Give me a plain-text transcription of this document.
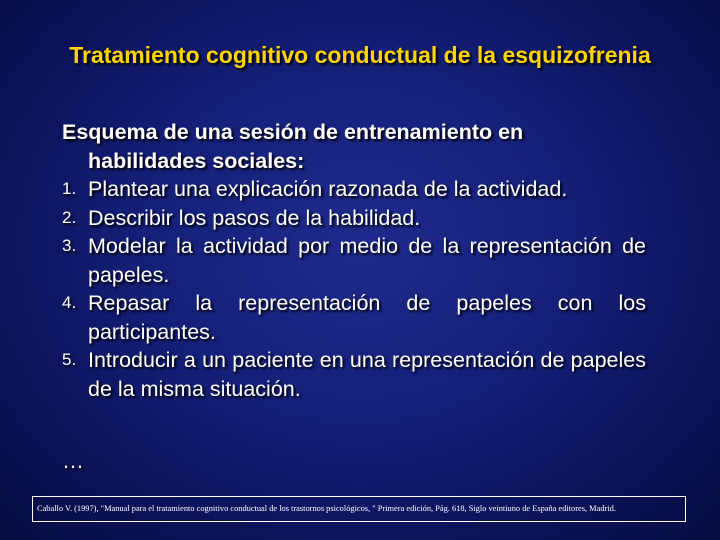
Tratamiento cognitivo conductual de la esquizofrenia
Esquema de una sesión de entrenamiento en
habilidades sociales:
1. Plantear una explicación razonada de la actividad.
2. Describir los pasos de la habilidad.
3. Modelar la actividad por medio de la representación de papeles.
4. Repasar la representación de papeles con los participantes.
5. Introducir a un paciente en una representación de papeles de la misma situación.
…
Caballo V. (1997), "Manual para el tratamiento cognitivo conductual de los trastornos psicológicos, " Primera edición, Pág. 618, Siglo veintiuno de España editores, Madrid.
